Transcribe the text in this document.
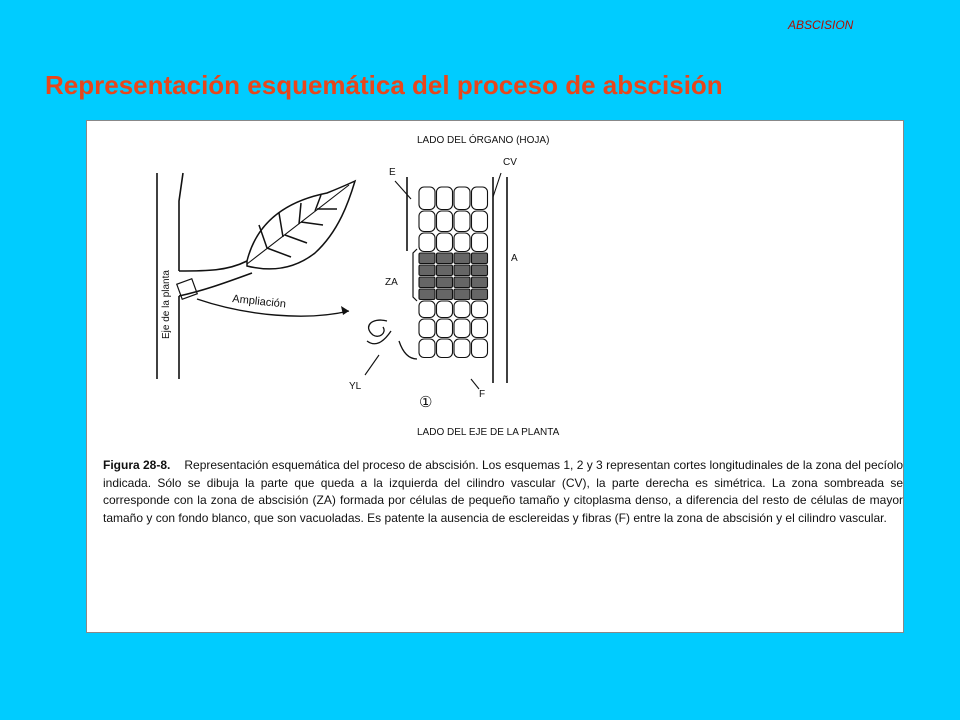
ABSCISION
Representación esquemática del proceso de abscisión
LADO DEL ÓRGANO (HOJA)
E
CV
A
ZA
YL
F
①
LADO DEL EJE DE LA PLANTA
Eje de la planta	Ampliación
Figura 28-8. Representación esquemática del proceso de abscisión. Los esquemas 1, 2 y 3 representan cortes longitudinales de la zona del pecíolo indicada. Sólo se dibuja la parte que queda a la izquierda del cilindro vascular (CV), la parte derecha es simétrica. La zona sombreada se corresponde con la zona de abscisión (ZA) formada por células de pequeño tamaño y citoplasma denso, a diferencia del resto de células de mayor tamaño y con fondo blanco, que son vacuoladas. Es patente la ausencia de esclereidas y fibras (F) entre la zona de abscisión y el cilindro vascular.
